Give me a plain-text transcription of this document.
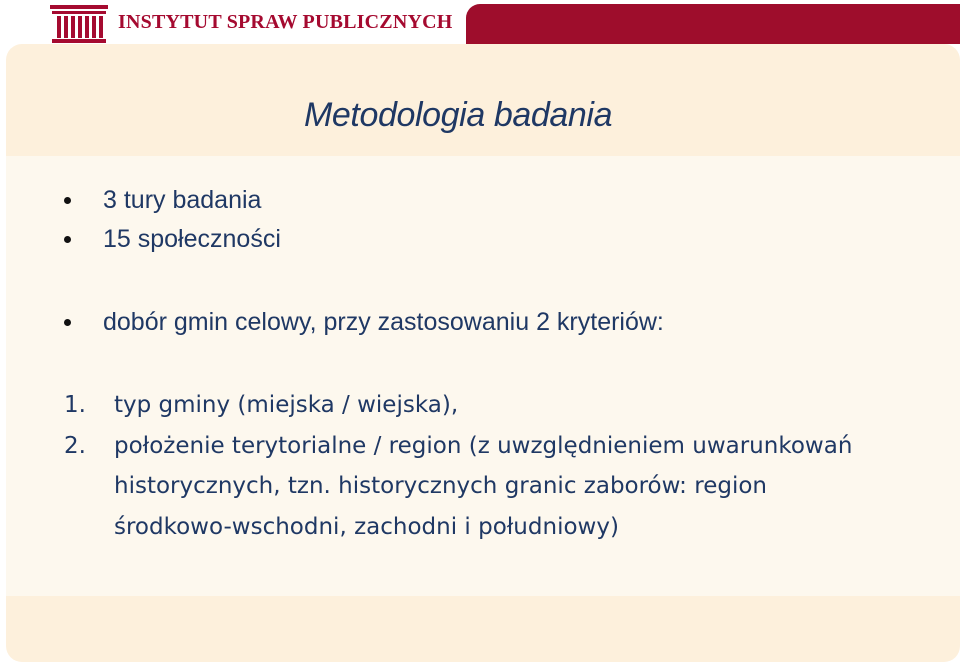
INSTYTUT SPRAW PUBLICZNYCH
Metodologia badania
3 tury badania
15 społeczności
dobór gmin celowy, przy zastosowaniu 2 kryteriów:
1.	typ gminy (miejska / wiejska),
2.	położenie terytorialne / region (z uwzględnieniem uwarunkowań historycznych, tzn. historycznych granic zaborów: region środkowo-wschodni, zachodni i południowy)
